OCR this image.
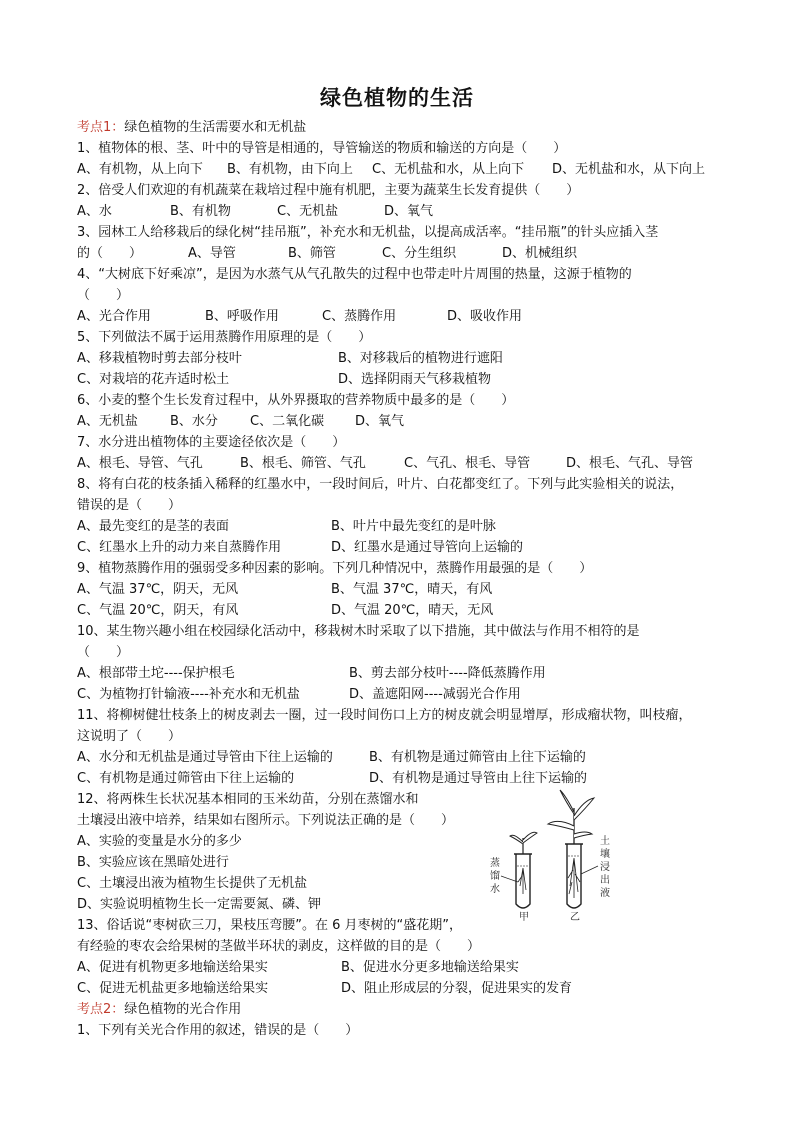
绿色植物的生活
考点1：绿色植物的生活需要水和无机盐
1、植物体的根、茎、叶中的导管是相通的，导管输送的物质和输送的方向是（　　）
A、有机物，从上向下 B、有机物，由下向上 C、无机盐和水，从上向下 D、无机盐和水，从下向上
2、倍受人们欢迎的有机蔬菜在栽培过程中施有机肥，主要为蔬菜生长发育提供（　　）
A、水	B、有机物	C、无机盐	D、氧气
3、园林工人给移栽后的绿化树“挂吊瓶”，补充水和无机盐，以提高成活率。“挂吊瓶”的针头应插入茎
的（　　）	A、导管	B、筛管	C、分生组织	D、机械组织
4、“大树底下好乘凉”，是因为水蒸气从气孔散失的过程中也带走叶片周围的热量，这源于植物的
（　　）
A、光合作用	B、呼吸作用	C、蒸腾作用	D、吸收作用
5、下列做法不属于运用蒸腾作用原理的是（　　）
A、移栽植物时剪去部分枝叶	B、对移栽后的植物进行遮阳
C、对栽培的花卉适时松土	D、选择阴雨天气移栽植物
6、小麦的整个生长发育过程中，从外界摄取的营养物质中最多的是（　　）
A、无机盐 B、水分 C、二氧化碳 D、氧气
7、水分进出植物体的主要途径依次是（　　）
A、根毛、导管、气孔	B、根毛、筛管、气孔	C、气孔、根毛、导管	D、根毛、气孔、导管
8、将有白花的枝条插入稀释的红墨水中，一段时间后，叶片、白花都变红了。下列与此实验相关的说法，
错误的是（　　）
A、最先变红的是茎的表面	B、叶片中最先变红的是叶脉
C、红墨水上升的动力来自蒸腾作用	D、红墨水是通过导管向上运输的
9、植物蒸腾作用的强弱受多种因素的影响。下列几种情况中，蒸腾作用最强的是（　　）
A、气温 37℃，阴天，无风	B、气温 37℃，晴天，有风
C、气温 20℃，阴天，有风	D、气温 20℃，晴天，无风
10、某生物兴趣小组在校园绿化活动中，移栽树木时采取了以下措施，其中做法与作用不相符的是
（　　）
A、根部带土坨----保护根毛	B、剪去部分枝叶----降低蒸腾作用
C、为植物打针输液----补充水和无机盐	D、盖遮阳网----减弱光合作用
11、将柳树健壮枝条上的树皮剥去一圈，过一段时间伤口上方的树皮就会明显增厚，形成瘤状物，叫枝瘤，
这说明了（　　）
A、水分和无机盐是通过导管由下往上运输的	B、有机物是通过筛管由上往下运输的
C、有机物是通过筛管由下往上运输的	D、有机物是通过导管由上往下运输的
12、将两株生长状况基本相同的玉米幼苗，分别在蒸馏水和
土壤浸出液中培养，结果如右图所示。下列说法正确的是（　　）
A、实验的变量是水分的多少
B、实验应该在黑暗处进行
C、土壤浸出液为植物生长提供了无机盐
D、实验说明植物生长一定需要氮、磷、钾
蒸
馏
水
土
壤
浸
出
液
甲	乙
13、俗话说“枣树砍三刀，果枝压弯腰”。在 6 月枣树的“盛花期”，
有经验的枣农会给果树的茎做半环状的剥皮，这样做的目的是（　　）
A、促进有机物更多地输送给果实	B、促进水分更多地输送给果实
C、促进无机盐更多地输送给果实	D、阻止形成层的分裂，促进果实的发育
考点2：绿色植物的光合作用
1、下列有关光合作用的叙述，错误的是（　　）
